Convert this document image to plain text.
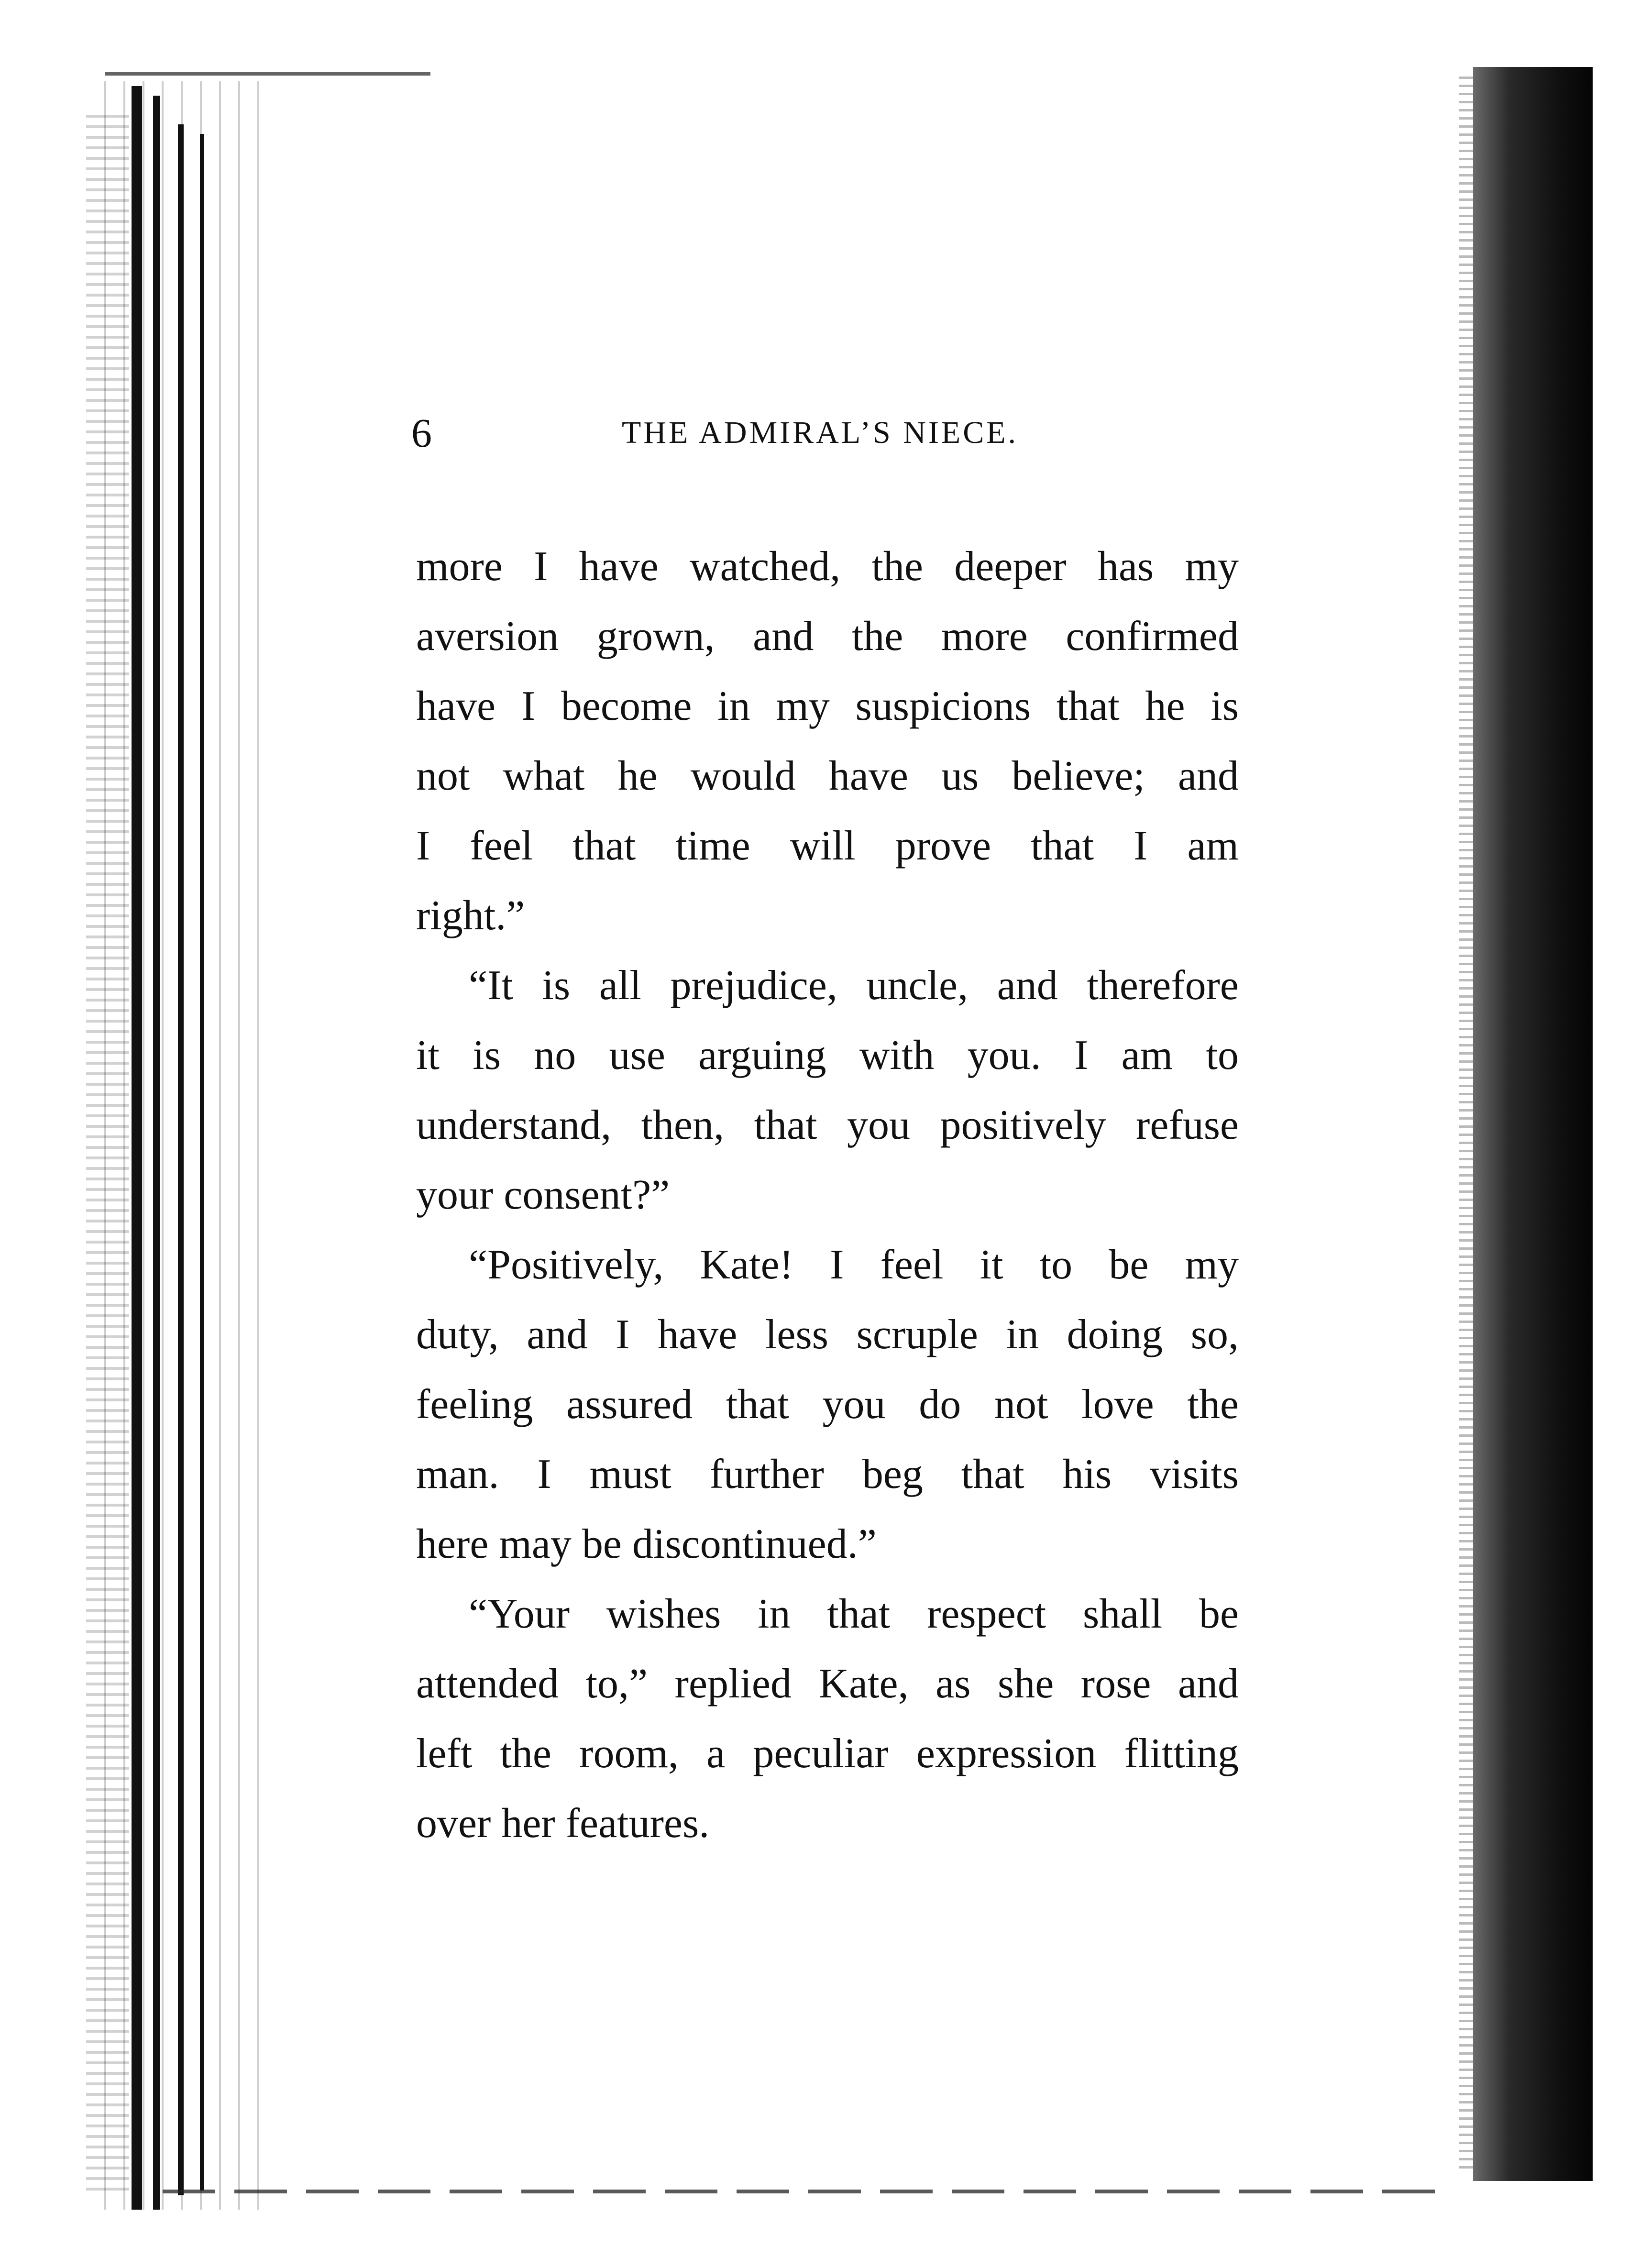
6	THE ADMIRAL’S NIECE.
more I have watched, the deeper has my
aversion grown, and the more confirmed
have I become in my suspicions that he is
not what he would have us believe; and
I feel that time will prove that I am
right.”
“It is all prejudice, uncle, and therefore
it is no use arguing with you. I am to
understand, then, that you positively refuse
your consent?”
“Positively, Kate! I feel it to be my
duty, and I have less scruple in doing so,
feeling assured that you do not love the
man. I must further beg that his visits
here may be discontinued.”
“Your wishes in that respect shall be
attended to,” replied Kate, as she rose and
left the room, a peculiar expression flitting
over her features.
